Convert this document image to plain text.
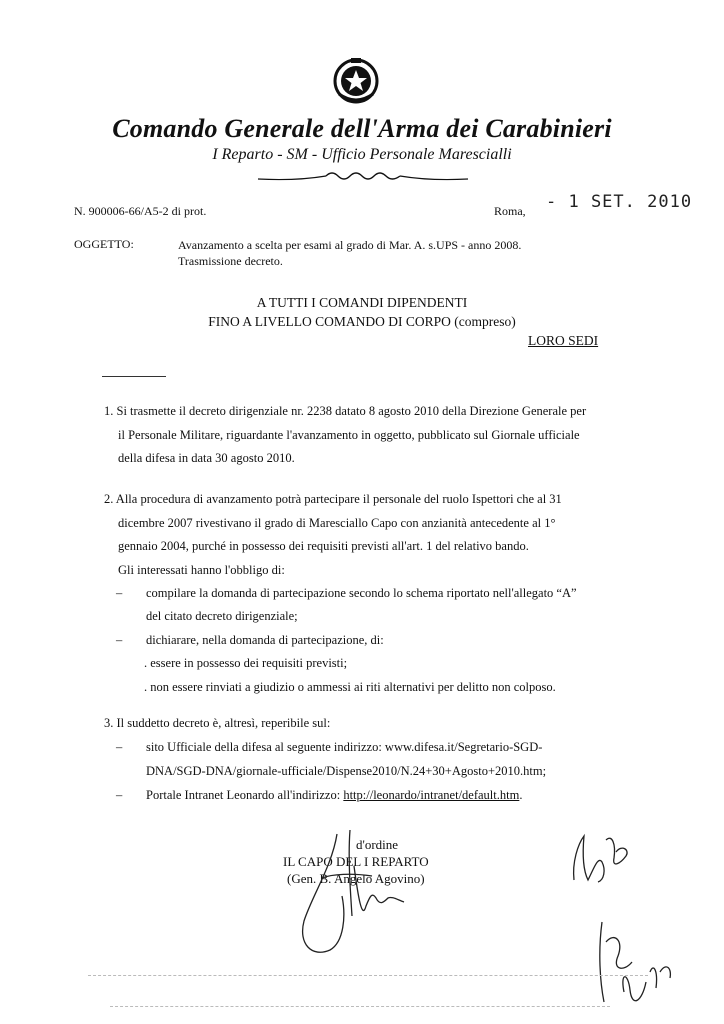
Comando Generale dell'Arma dei Carabinieri
I Reparto - SM - Ufficio Personale Marescialli
N. 900006-66/A5-2 di prot.	Roma, - 1 SET. 2010
OGGETTO:	Avanzamento a scelta per esami al grado di Mar. A. s.UPS - anno 2008.
Trasmissione decreto.
A TUTTI I COMANDI DIPENDENTI
FINO A LIVELLO COMANDO DI CORPO (compreso)
LORO SEDI
1. Si trasmette il decreto dirigenziale nr. 2238 datato 8 agosto 2010 della Direzione Generale per
il Personale Militare, riguardante l'avanzamento in oggetto, pubblicato sul Giornale ufficiale
della difesa in data 30 agosto 2010.
2. Alla procedura di avanzamento potrà partecipare il personale del ruolo Ispettori che al 31
dicembre 2007 rivestivano il grado di Maresciallo Capo con anzianità antecedente al 1°
gennaio 2004, purché in possesso dei requisiti previsti all'art. 1 del relativo bando.
Gli interessati hanno l'obbligo di:
– compilare la domanda di partecipazione secondo lo schema riportato nell'allegato “A”
del citato decreto dirigenziale;
– dichiarare, nella domanda di partecipazione, di:
. essere in possesso dei requisiti previsti;
. non essere rinviati a giudizio o ammessi ai riti alternativi per delitto non colposo.
3. Il suddetto decreto è, altresì, reperibile sul:
– sito Ufficiale della difesa al seguente indirizzo: www.difesa.it/Segretario-SGD-
DNA/SGD-DNA/giornale-ufficiale/Dispense2010/N.24+30+Agosto+2010.htm;
– Portale Intranet Leonardo all'indirizzo: http://leonardo/intranet/default.htm.
d'ordine
IL CAPO DEL I REPARTO
(Gen. B. Angelo Agovino)
